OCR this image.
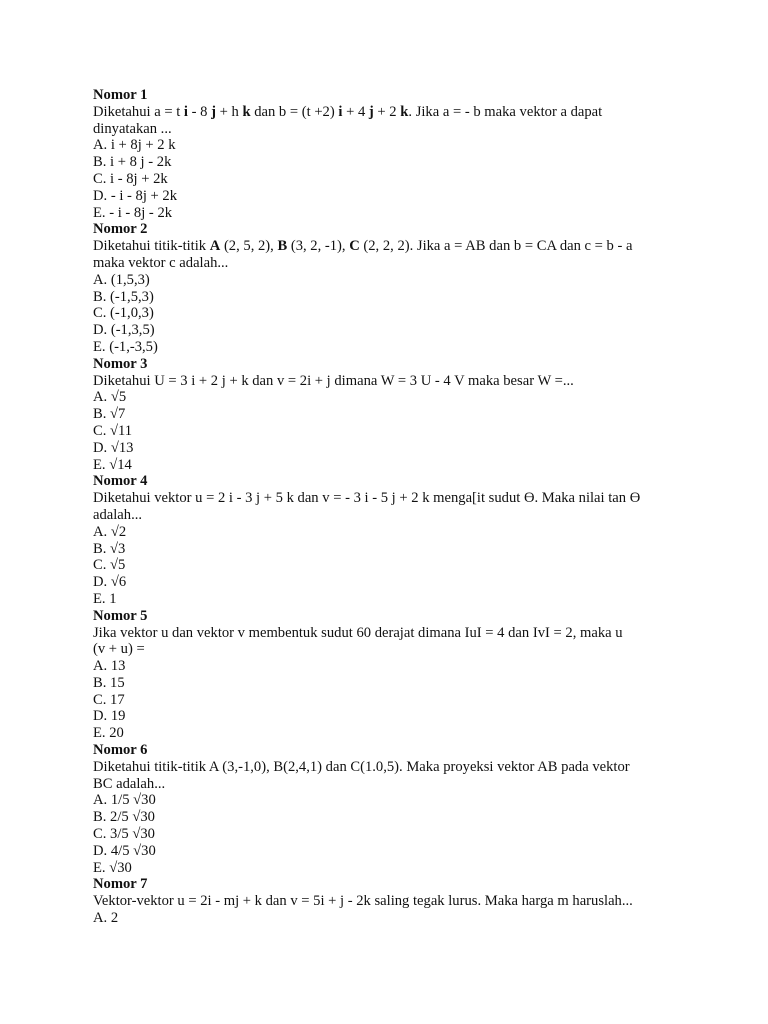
Nomor 1
Diketahui a = t i - 8 j + h k dan b = (t +2) i + 4 j + 2 k. Jika a = - b maka vektor a dapat
dinyatakan ...
A. i + 8j + 2 k
B. i + 8 j - 2k
C. i - 8j + 2k
D. - i - 8j + 2k
E. - i - 8j - 2k
Nomor 2
Diketahui titik-titik A (2, 5, 2), B (3, 2, -1), C (2, 2, 2). Jika a = AB dan b = CA dan c = b - a
maka vektor c adalah...
A. (1,5,3)
B. (-1,5,3)
C. (-1,0,3)
D. (-1,3,5)
E. (-1,-3,5)
Nomor 3
Diketahui U = 3 i + 2 j + k dan v = 2i + j dimana W = 3 U - 4 V maka besar W =...
A. √5
B. √7
C. √11
D. √13
E. √14
Nomor 4
Diketahui vektor u = 2 i - 3 j + 5 k dan v = - 3 i - 5 j + 2 k menga[it sudut ϴ. Maka nilai tan ϴ
adalah...
A. √2
B. √3
C. √5
D. √6
E. 1
Nomor 5
Jika vektor u dan vektor v membentuk sudut 60 derajat dimana IuI = 4 dan IvI = 2, maka u
(v + u) =
A. 13
B. 15
C. 17
D. 19
E. 20
Nomor 6
Diketahui titik-titik A (3,-1,0), B(2,4,1) dan C(1.0,5). Maka proyeksi vektor AB pada vektor
BC adalah...
A. 1/5 √30
B. 2/5 √30
C. 3/5 √30
D. 4/5 √30
E. √30
Nomor 7
Vektor-vektor u = 2i - mj + k dan v = 5i + j - 2k saling tegak lurus. Maka harga m haruslah...
A. 2
